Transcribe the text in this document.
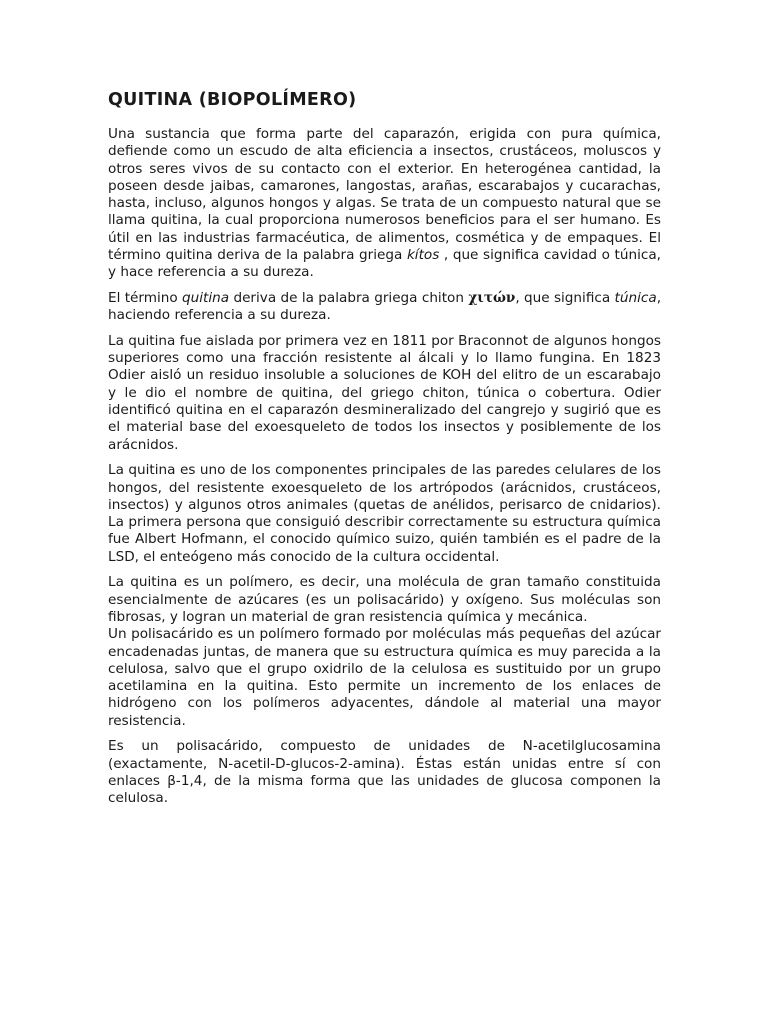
QUITINA (BIOPOLÍMERO)

Una sustancia que forma parte del caparazón, erigida con pura química, defiende como un escudo de alta eficiencia a insectos, crustáceos, moluscos y otros seres vivos de su contacto con el exterior. En heterogénea cantidad, la poseen desde jaibas, camarones, langostas, arañas, escarabajos y cucarachas, hasta, incluso, algunos hongos y algas. Se trata de un compuesto natural que se llama quitina, la cual proporciona numerosos beneficios para el ser humano. Es útil en las industrias farmacéutica, de alimentos, cosmética y de empaques. El término quitina deriva de la palabra griega kítos , que significa cavidad o túnica, y hace referencia a su dureza.

El término quitina deriva de la palabra griega chiton χιτών, que significa túnica, haciendo referencia a su dureza.

La quitina fue aislada por primera vez en 1811 por Braconnot de algunos hongos superiores como una fracción resistente al álcali y lo llamo fungina. En 1823 Odier aisló un residuo insoluble a soluciones de KOH del elitro de un escarabajo y le dio el nombre de quitina, del griego chiton, túnica o cobertura. Odier identificó quitina en el caparazón desmineralizado del cangrejo y sugirió que es el material base del exoesqueleto de todos los insectos y posiblemente de los arácnidos.

La quitina es uno de los componentes principales de las paredes celulares de los hongos, del resistente exoesqueleto de los artrópodos (arácnidos, crustáceos, insectos) y algunos otros animales (quetas de anélidos, perisarco de cnidarios). La primera persona que consiguió describir correctamente su estructura química fue Albert Hofmann, el conocido químico suizo, quién también es el padre de la LSD, el enteógeno más conocido de la cultura occidental.

La quitina es un polímero, es decir, una molécula de gran tamaño constituida esencialmente de azúcares (es un polisacárido) y oxígeno. Sus moléculas son fibrosas, y logran un material de gran resistencia química y mecánica.

Un polisacárido es un polímero formado por moléculas más pequeñas del azúcar encadenadas juntas, de manera que su estructura química es muy parecida a la celulosa, salvo que el grupo oxidrilo de la celulosa es sustituido por un grupo acetilamina en la quitina. Esto permite un incremento de los enlaces de hidrógeno con los polímeros adyacentes, dándole al material una mayor resistencia.

Es un polisacárido, compuesto de unidades de N-acetilglucosamina (exactamente, N-acetil-D-glucos-2-amina). Éstas están unidas entre sí con enlaces β-1,4, de la misma forma que las unidades de glucosa componen la celulosa.
